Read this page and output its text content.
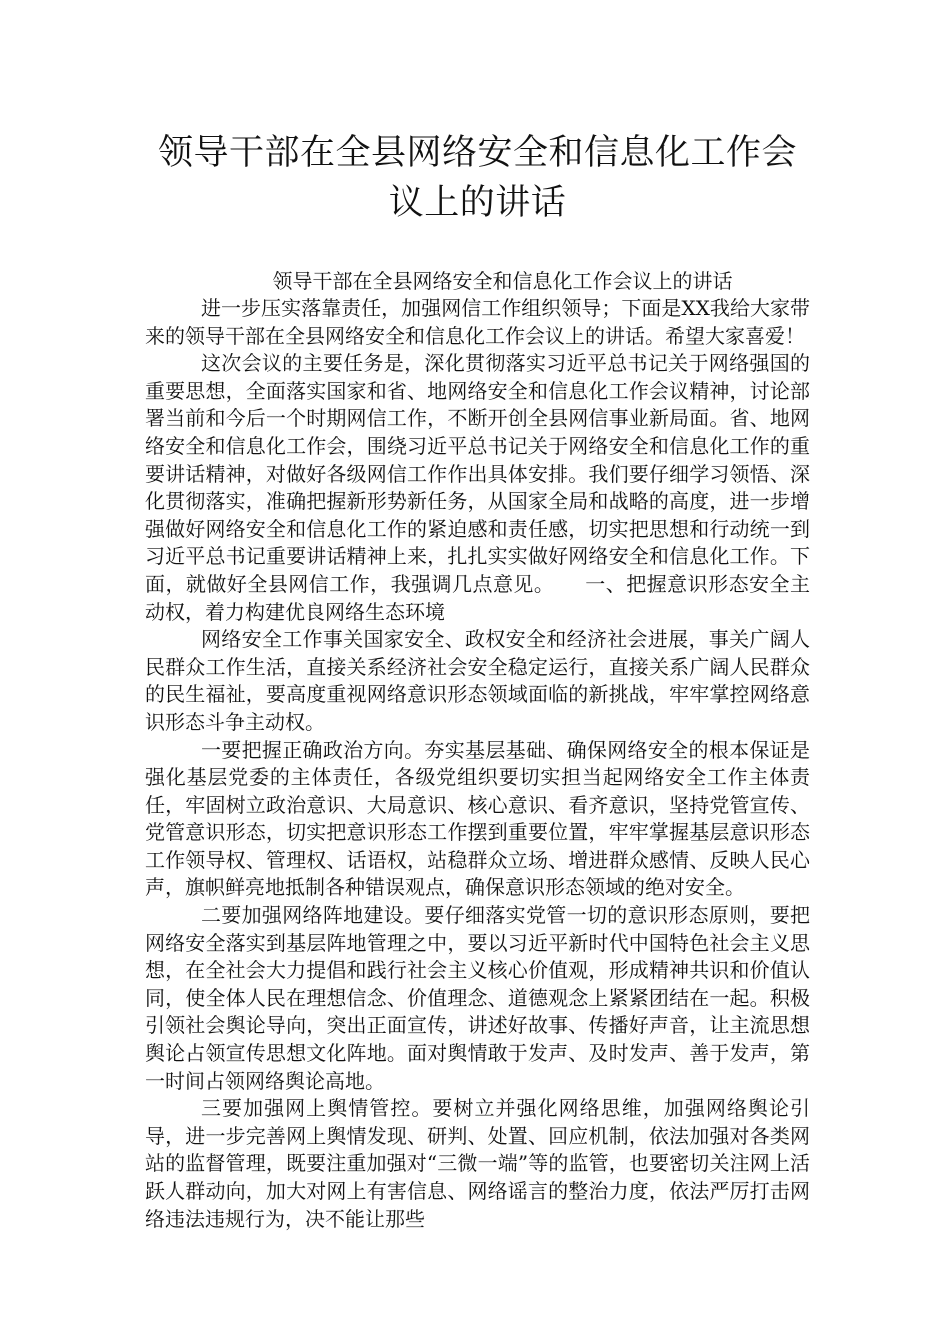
领导干部在全县网络安全和信息化工作会议上的讲话

领导干部在全县网络安全和信息化工作会议上的讲话

进一步压实落靠责任，加强网信工作组织领导；下面是XX我给大家带来的领导干部在全县网络安全和信息化工作会议上的讲话。希望大家喜爱！

这次会议的主要任务是，深化贯彻落实习近平总书记关于网络强国的重要思想，全面落实国家和省、地网络安全和信息化工作会议精神，讨论部署当前和今后一个时期网信工作，不断开创全县网信事业新局面。省、地网络安全和信息化工作会，围绕习近平总书记关于网络安全和信息化工作的重要讲话精神，对做好各级网信工作作出具体安排。我们要仔细学习领悟、深化贯彻落实，准确把握新形势新任务，从国家全局和战略的高度，进一步增强做好网络安全和信息化工作的紧迫感和责任感，切实把思想和行动统一到习近平总书记重要讲话精神上来，扎扎实实做好网络安全和信息化工作。下面，就做好全县网信工作，我强调几点意见。　　一、把握意识形态安全主动权，着力构建优良网络生态环境

网络安全工作事关国家安全、政权安全和经济社会进展，事关广阔人民群众工作生活，直接关系经济社会安全稳定运行，直接关系广阔人民群众的民生福祉，要高度重视网络意识形态领域面临的新挑战，牢牢掌控网络意识形态斗争主动权。

一要把握正确政治方向。夯实基层基础、确保网络安全的根本保证是强化基层党委的主体责任，各级党组织要切实担当起网络安全工作主体责任，牢固树立政治意识、大局意识、核心意识、看齐意识，坚持党管宣传、党管意识形态，切实把意识形态工作摆到重要位置，牢牢掌握基层意识形态工作领导权、管理权、话语权，站稳群众立场、增进群众感情、反映人民心声，旗帜鲜亮地抵制各种错误观点，确保意识形态领域的绝对安全。

二要加强网络阵地建设。要仔细落实党管一切的意识形态原则，要把网络安全落实到基层阵地管理之中，要以习近平新时代中国特色社会主义思想，在全社会大力提倡和践行社会主义核心价值观，形成精神共识和价值认同，使全体人民在理想信念、价值理念、道德观念上紧紧团结在一起。积极引领社会舆论导向，突出正面宣传，讲述好故事、传播好声音，让主流思想舆论占领宣传思想文化阵地。面对舆情敢于发声、及时发声、善于发声，第一时间占领网络舆论高地。

三要加强网上舆情管控。要树立并强化网络思维，加强网络舆论引导，进一步完善网上舆情发现、研判、处置、回应机制，依法加强对各类网站的监督管理，既要注重加强对“三微一端”等的监管，也要密切关注网上活跃人群动向，加大对网上有害信息、网络谣言的整治力度，依法严厉打击网络违法违规行为，决不能让那些
